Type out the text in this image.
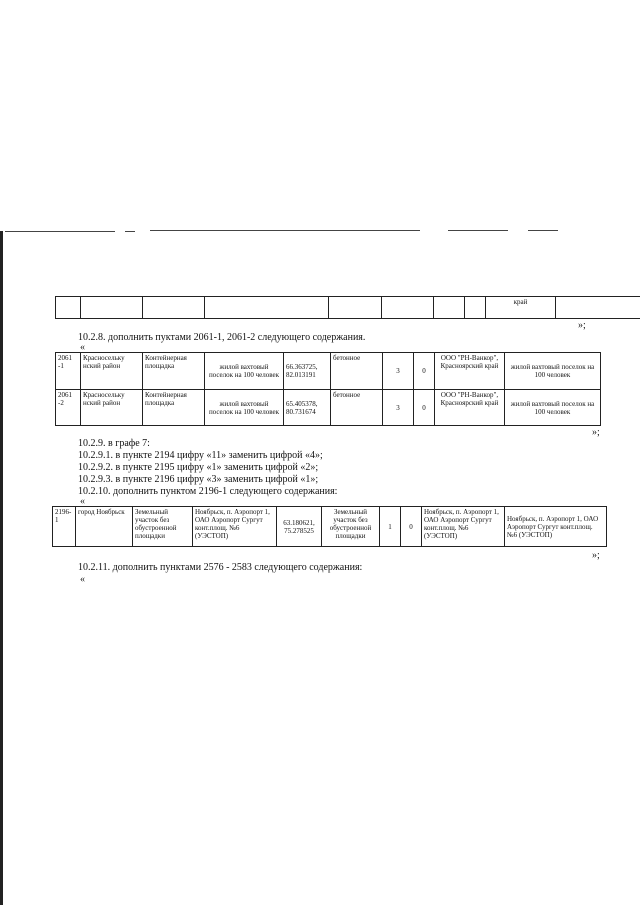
								край	
»;
10.2.8. дополнить пуктами 2061-1, 2061-2 следующего содержания.
«
2061 -1	Красносельку нский район	Контейнерная площадка	жилой вахтовый поселок на 100 человек	66.363725, 82.013191	бетонное	3	0	ООО "РН-Ванкор", Красноярский край	жилой вахтовый поселок на 100 человек
2061 -2	Красносельку нский район	Контейнерная площадка	жилой вахтовый поселок на 100 человек	65.405378, 80.731674	бетонное	3	0	ООО "РН-Ванкор", Красноярский край	жилой вахтовый поселок на 100 человек
»;
10.2.9. в графе 7:
10.2.9.1. в пункте 2194 цифру «11» заменить цифрой «4»;
10.2.9.2. в пункте 2195 цифру «1» заменить цифрой «2»;
10.2.9.3. в пункте 2196 цифру «3» заменить цифрой «1»;
10.2.10. дополнить пунктом 2196-1 следующего содержания:
«
2196-1	город Ноябрьск	Земельный участок без обустроенной площадки	Ноябрьск, п. Аэропорт 1, ОАО Аэропорт Сургут конт.площ. №6 (УЭСТОП)	63.180621, 75.278525	Земельный участок без обустроенной площадки	1	0	Ноябрьск, п. Аэропорт 1, ОАО Аэропорт Сургут конт.площ. №6 (УЭСТОП)	Ноябрьск, п. Аэропорт 1, ОАО Аэропорт Сургут конт.площ. №6 (УЭСТОП)
»;
10.2.11. дополнить пунктами 2576 - 2583 следующего содержания:
«
